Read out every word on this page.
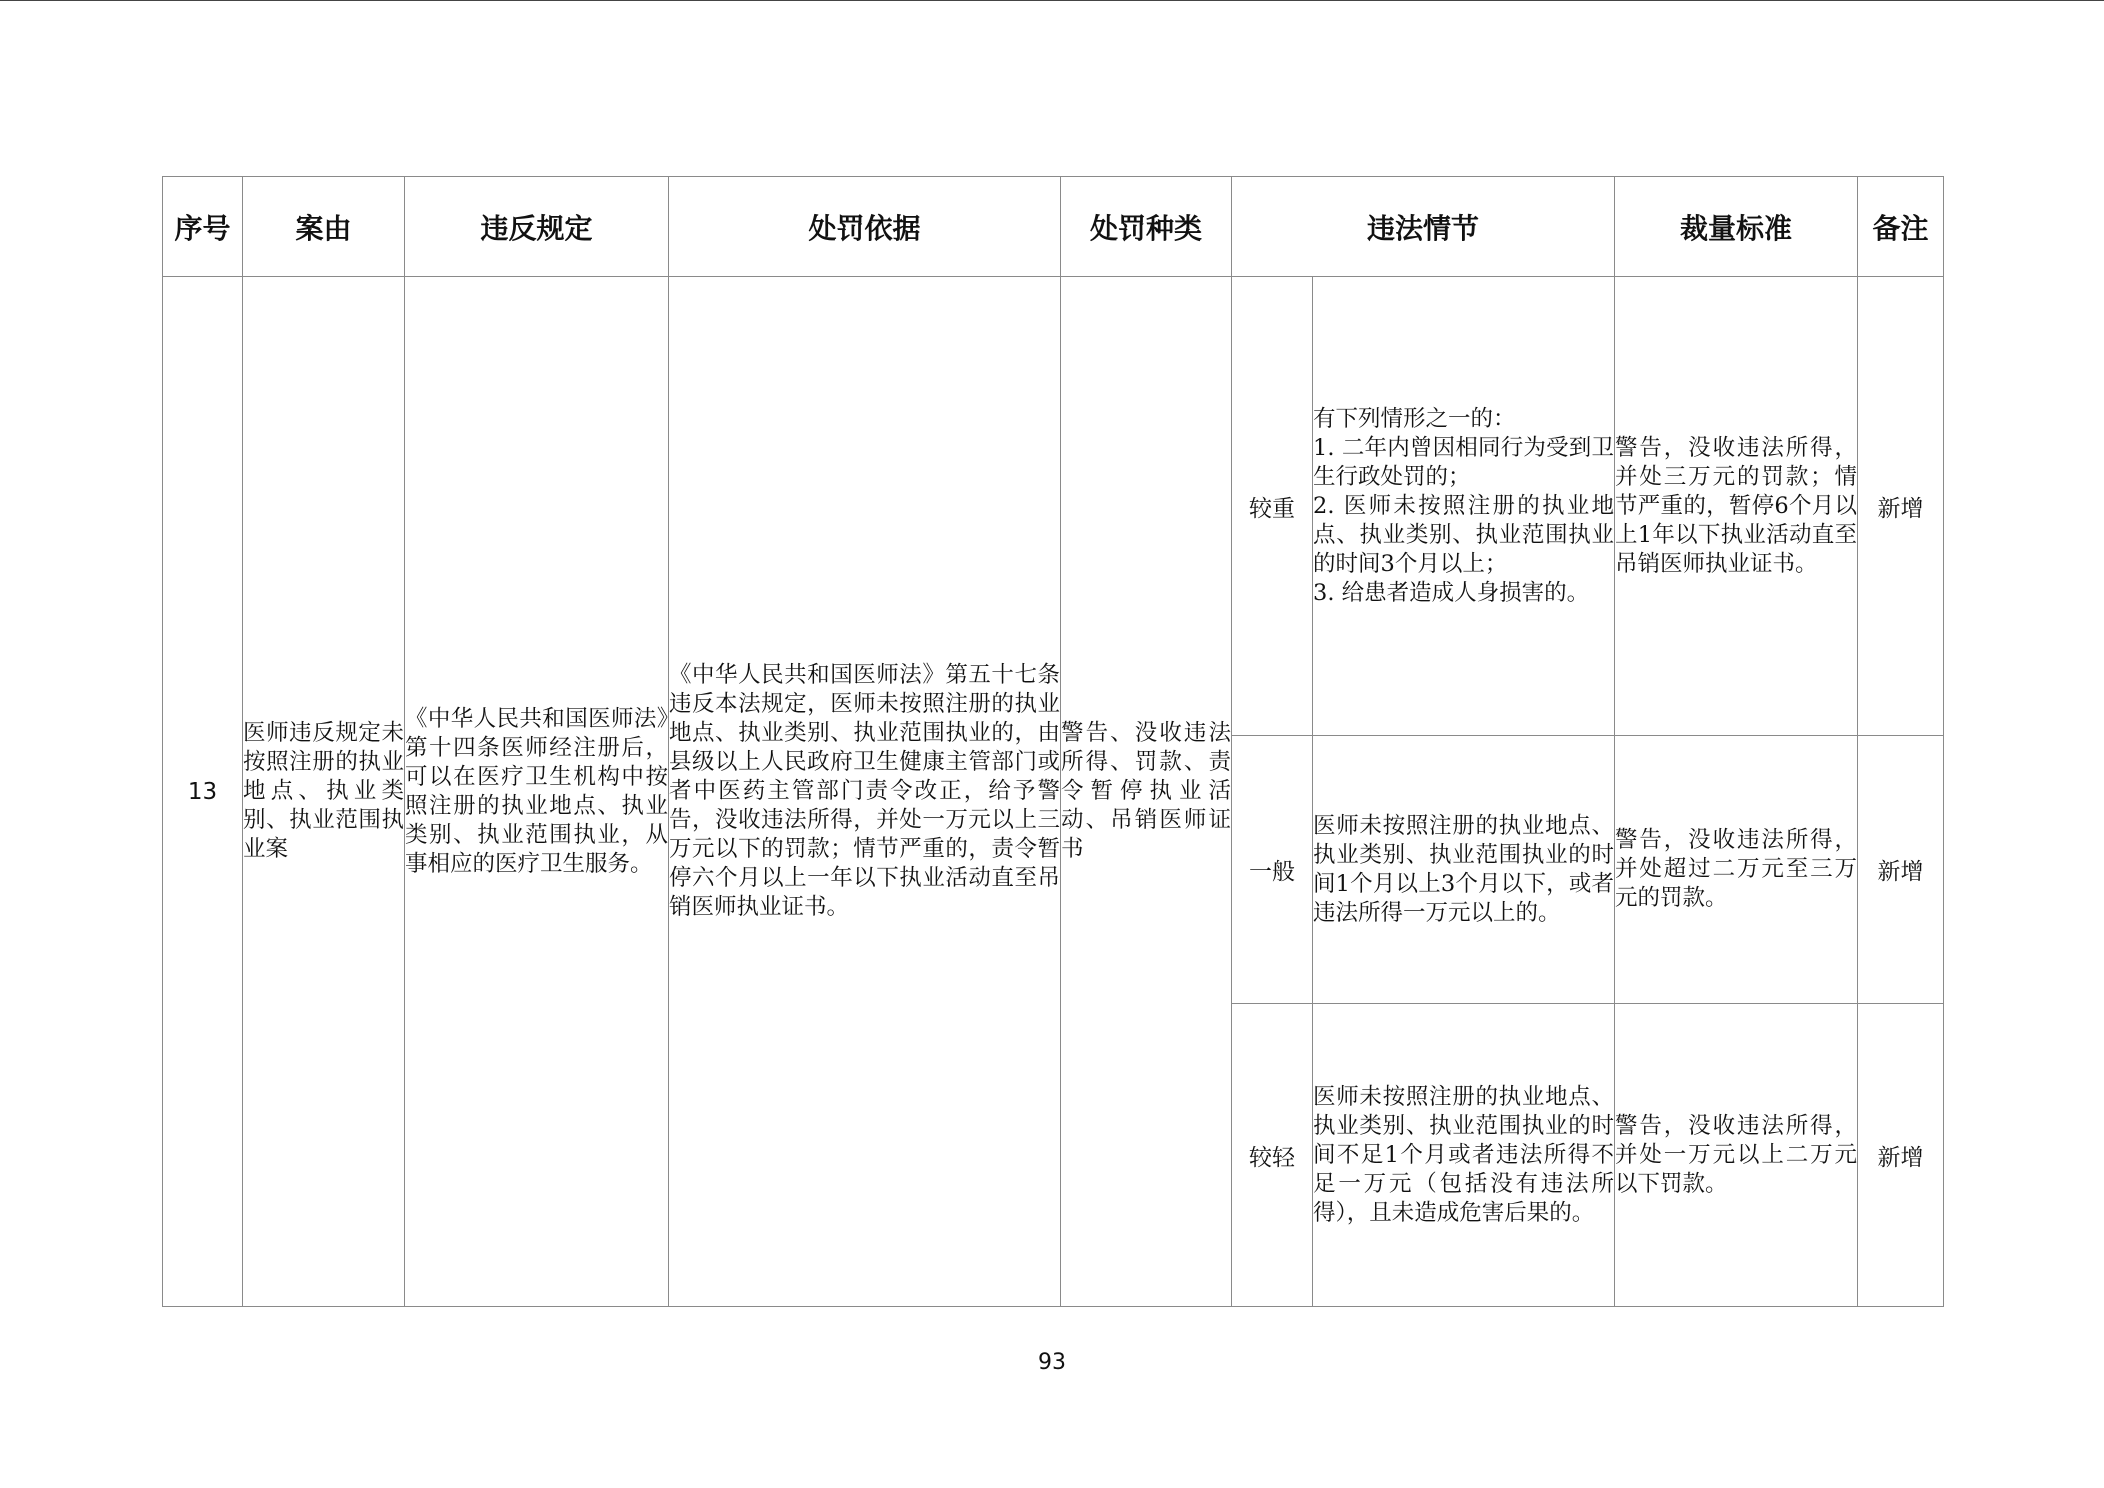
序号	案由	违反规定	处罚依据	处罚种类	违法情节		裁量标准	备注
13	医师违反规定未按照注册的执业地点、执业类别、执业范围执业案	《中华人民共和国医师法》第十四条医师经注册后，可以在医疗卫生机构中按照注册的执业地点、执业类别、执业范围执业，从事相应的医疗卫生服务。	《中华人民共和国医师法》第五十七条违反本法规定，医师未按照注册的执业地点、执业类别、执业范围执业的，由县级以上人民政府卫生健康主管部门或者中医药主管部门责令改正，给予警告，没收违法所得，并处一万元以上三万元以下的罚款；情节严重的，责令暂停六个月以上一年以下执业活动直至吊销医师执业证书。	警告、没收违法所得、罚款、责令暂停执业活动、吊销医师证书	较重	有下列情形之一的：
1. 二年内曾因相同行为受到卫生行政处罚的；
2. 医师未按照注册的执业地点、执业类别、执业范围执业的时间3个月以上；
3. 给患者造成人身损害的。	警告，没收违法所得，并处三万元的罚款；情节严重的，暂停6个月以上1年以下执业活动直至吊销医师执业证书。	新增
					一般	医师未按照注册的执业地点、执业类别、执业范围执业的时间1个月以上3个月以下，或者违法所得一万元以上的。	警告，没收违法所得，并处超过二万元至三万元的罚款。	新增
					较轻	医师未按照注册的执业地点、执业类别、执业范围执业的时间不足1个月或者违法所得不足一万元（包括没有违法所得），且未造成危害后果的。	警告，没收违法所得，并处一万元以上二万元以下罚款。	新增
93
